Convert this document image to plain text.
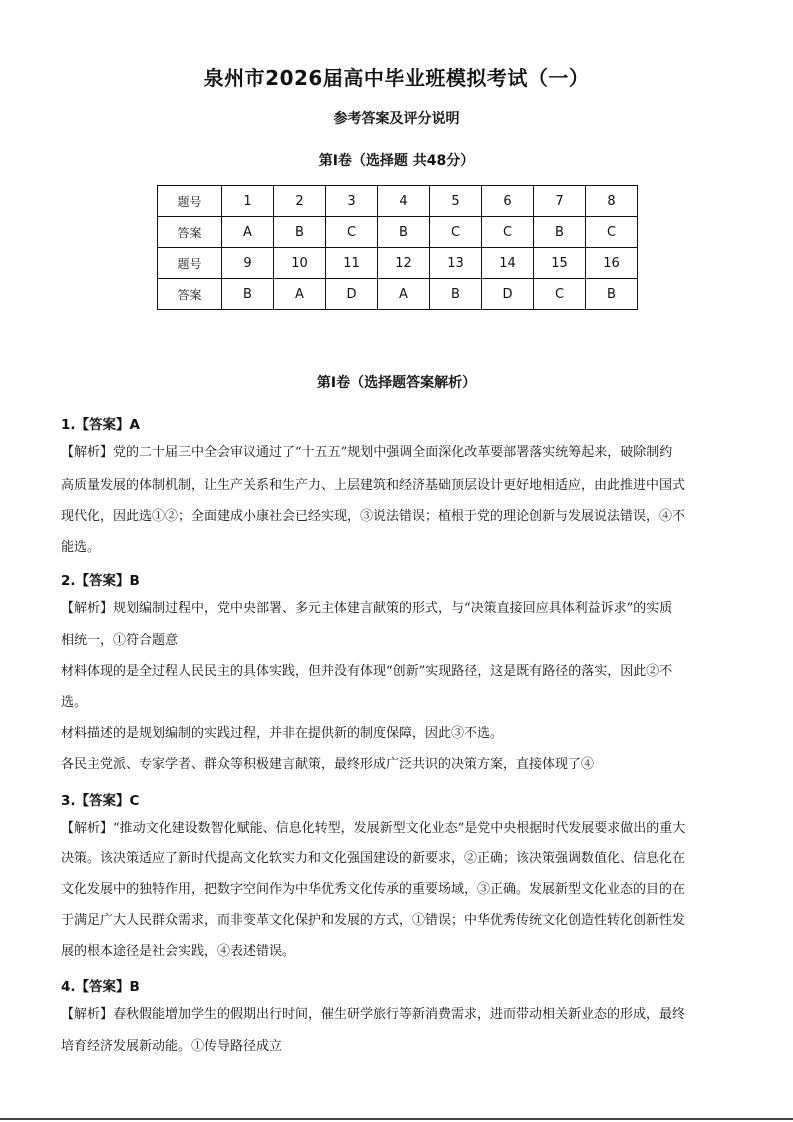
泉州市2026届高中毕业班模拟考试（一）
参考答案及评分说明
第Ⅰ卷（选择题 共48分）
题号	1	2	3	4	5	6	7	8
答案	A	B	C	B	C	C	B	C
题号	9	10	11	12	13	14	15	16
答案	B	A	D	A	B	D	C	B
第Ⅰ卷（选择题答案解析）
1.【答案】A
【解析】党的二十届三中全会审议通过了“十五五”规划中强调全面深化改革要部署落实统筹起来，破除制约
高质量发展的体制机制，让生产关系和生产力、上层建筑和经济基础顶层设计更好地相适应，由此推进中国式
现代化，因此选①②；全面建成小康社会已经实现，③说法错误；植根于党的理论创新与发展说法错误，④不
能选。
2.【答案】B
【解析】规划编制过程中，党中央部署、多元主体建言献策的形式，与“决策直接回应具体利益诉求”的实质
相统一，①符合题意
材料体现的是全过程人民民主的具体实践，但并没有体现“创新”实现路径，这是既有路径的落实，因此②不
选。
材料描述的是规划编制的实践过程，并非在提供新的制度保障，因此③不选。
各民主党派、专家学者、群众等积极建言献策，最终形成广泛共识的决策方案，直接体现了④
3.【答案】C
【解析】“推动文化建设数智化赋能、信息化转型，发展新型文化业态”是党中央根据时代发展要求做出的重大
决策。该决策适应了新时代提高文化软实力和文化强国建设的新要求，②正确；该决策强调数值化、信息化在
文化发展中的独特作用，把数字空间作为中华优秀文化传承的重要场域，③正确。发展新型文化业态的目的在
于满足广大人民群众需求，而非变革文化保护和发展的方式，①错误；中华优秀传统文化创造性转化创新性发
展的根本途径是社会实践，④表述错误。
4.【答案】B
【解析】春秋假能增加学生的假期出行时间，催生研学旅行等新消费需求，进而带动相关新业态的形成，最终
培育经济发展新动能。①传导路径成立
